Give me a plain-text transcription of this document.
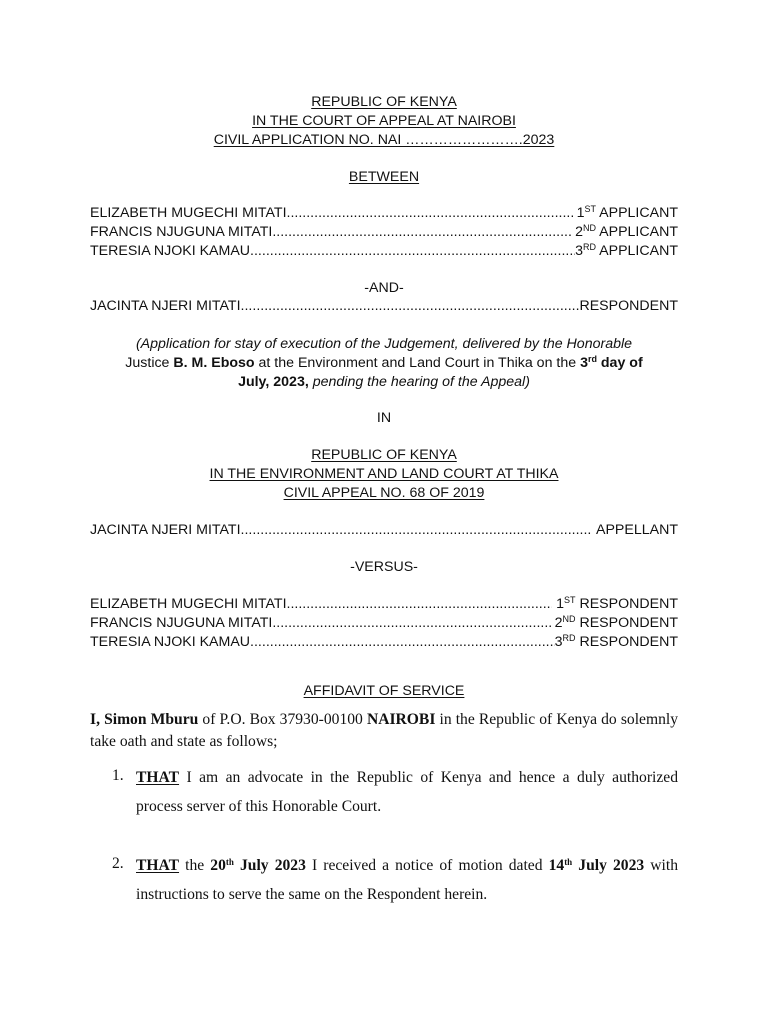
REPUBLIC OF KENYA
IN THE COURT OF APPEAL AT NAIROBI
CIVIL APPLICATION NO. NAI …………………….2023
BETWEEN
ELIZABETH MUGECHI MITATI .....	1ST APPLICANT
FRANCIS NJUGUNA MITATI .....	2ND APPLICANT
TERESIA NJOKI KAMAU .....	3RD APPLICANT
-AND-
JACINTA NJERI MITATI .....	RESPONDENT
(Application for stay of execution of the Judgement, delivered by the Honorable
Justice B. M. Eboso at the Environment and Land Court in Thika on the 3rd day of
July, 2023, pending the hearing of the Appeal)
IN
REPUBLIC OF KENYA
IN THE ENVIRONMENT AND LAND COURT AT THIKA
CIVIL APPEAL NO. 68 OF 2019
JACINTA NJERI MITATI .....	APPELLANT
-VERSUS-
ELIZABETH MUGECHI MITATI .....	1ST RESPONDENT
FRANCIS NJUGUNA MITATI .....	2ND RESPONDENT
TERESIA NJOKI KAMAU .....	3RD RESPONDENT
AFFIDAVIT OF SERVICE
I, Simon Mburu of P.O. Box 37930-00100 NAIROBI in the Republic of Kenya do solemnly take oath and state as follows;
1. THAT I am an advocate in the Republic of Kenya and hence a duly authorized process server of this Honorable Court.
2. THAT the 20th July 2023 I received a notice of motion dated 14th July 2023 with instructions to serve the same on the Respondent herein.
